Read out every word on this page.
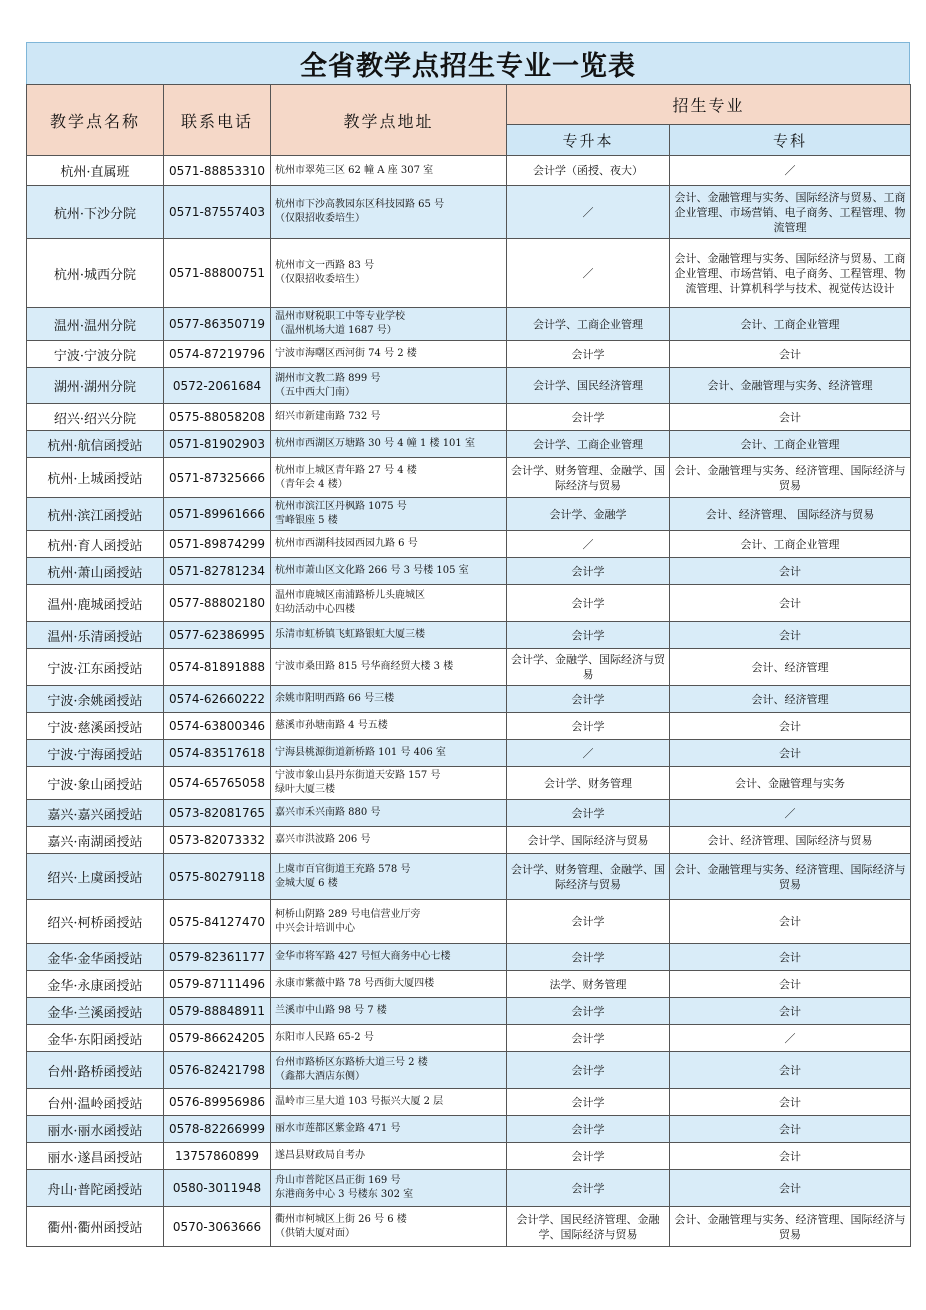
全省教学点招生专业一览表
教学点名称	联系电话	教学点地址	招生专业	
			专升本	专科
杭州·直属班	0571-88853310	杭州市翠苑三区 62 幢 A 座 307 室	会计学（函授、夜大）	／
杭州·下沙分院	0571-87557403	杭州市下沙高教园东区科技园路 65 号
（仅限招收委培生）	／	会计、金融管理与实务、国际经济与贸易、工商企业管理、市场营销、电子商务、工程管理、物流管理
杭州·城西分院	0571-88800751	杭州市文一西路 83 号
（仅限招收委培生）	／	会计、金融管理与实务、国际经济与贸易、工商企业管理、市场营销、电子商务、工程管理、物流管理、计算机科学与技术、视觉传达设计
温州·温州分院	0577-86350719	温州市财税职工中等专业学校
（温州机场大道 1687 号）	会计学、工商企业管理	会计、工商企业管理
宁波·宁波分院	0574-87219796	宁波市海曙区西河街 74 号 2 楼	会计学	会计
湖州·湖州分院	0572-2061684	湖州市文教二路 899 号
（五中西大门南）	会计学、国民经济管理	会计、金融管理与实务、经济管理
绍兴·绍兴分院	0575-88058208	绍兴市新建南路 732 号	会计学	会计
杭州·航信函授站	0571-81902903	杭州市西湖区万塘路 30 号 4 幢 1 楼 101 室	会计学、工商企业管理	会计、工商企业管理
杭州·上城函授站	0571-87325666	杭州市上城区青年路 27 号 4 楼
（青年会 4 楼）	会计学、财务管理、金融学、国际经济与贸易	会计、金融管理与实务、经济管理、国际经济与贸易
杭州·滨江函授站	0571-89961666	杭州市滨江区丹枫路 1075 号
雪峰银座 5 楼	会计学、金融学	会计、经济管理、 国际经济与贸易
杭州·育人函授站	0571-89874299	杭州市西湖科技园西园九路 6 号	／	会计、工商企业管理
杭州·萧山函授站	0571-82781234	杭州市萧山区文化路 266 号 3 号楼 105 室	会计学	会计
温州·鹿城函授站	0577-88802180	温州市鹿城区南浦路桥儿头鹿城区
妇幼活动中心四楼	会计学	会计
温州·乐清函授站	0577-62386995	乐清市虹桥镇飞虹路银虹大厦三楼	会计学	会计
宁波·江东函授站	0574-81891888	宁波市桑田路 815 号华商经贸大楼 3 楼	会计学、金融学、国际经济与贸易	会计、经济管理
宁波·余姚函授站	0574-62660222	余姚市阳明西路 66 号三楼	会计学	会计、经济管理
宁波·慈溪函授站	0574-63800346	慈溪市孙塘南路 4 号五楼	会计学	会计
宁波·宁海函授站	0574-83517618	宁海县桃源街道新桥路 101 号 406 室	／	会计
宁波·象山函授站	0574-65765058	宁波市象山县丹东街道天安路 157 号
绿叶大厦三楼	会计学、财务管理	会计、金融管理与实务
嘉兴·嘉兴函授站	0573-82081765	嘉兴市禾兴南路 880 号	会计学	／
嘉兴·南湖函授站	0573-82073332	嘉兴市洪波路 206 号	会计学、国际经济与贸易	会计、经济管理、国际经济与贸易
绍兴·上虞函授站	0575-80279118	上虞市百官街道王充路 578 号
金城大厦 6 楼	会计学、财务管理、金融学、国际经济与贸易	会计、金融管理与实务、经济管理、国际经济与贸易
绍兴·柯桥函授站	0575-84127470	柯桥山阴路 289 号电信营业厅旁
中兴会计培训中心	会计学	会计
金华·金华函授站	0579-82361177	金华市将军路 427 号恒大商务中心七楼	会计学	会计
金华·永康函授站	0579-87111496	永康市紫薇中路 78 号西街大厦四楼	法学、财务管理	会计
金华·兰溪函授站	0579-88848911	兰溪市中山路 98 号 7 楼	会计学	会计
金华·东阳函授站	0579-86624205	东阳市人民路 65-2 号	会计学	／
台州·路桥函授站	0576-82421798	台州市路桥区东路桥大道三号 2 楼
（鑫都大酒店东侧）	会计学	会计
台州·温岭函授站	0576-89956986	温岭市三星大道 103 号振兴大厦 2 层	会计学	会计
丽水·丽水函授站	0578-82266999	丽水市莲都区紫金路 471 号	会计学	会计
丽水·遂昌函授站	13757860899	遂昌县财政局自考办	会计学	会计
舟山·普陀函授站	0580-3011948	舟山市普陀区昌正街 169 号
东港商务中心 3 号楼东 302 室	会计学	会计
衢州·衢州函授站	0570-3063666	衢州市柯城区上街 26 号 6 楼
（供销大厦对面）	会计学、国民经济管理、金融学、国际经济与贸易	会计、金融管理与实务、经济管理、国际经济与贸易
